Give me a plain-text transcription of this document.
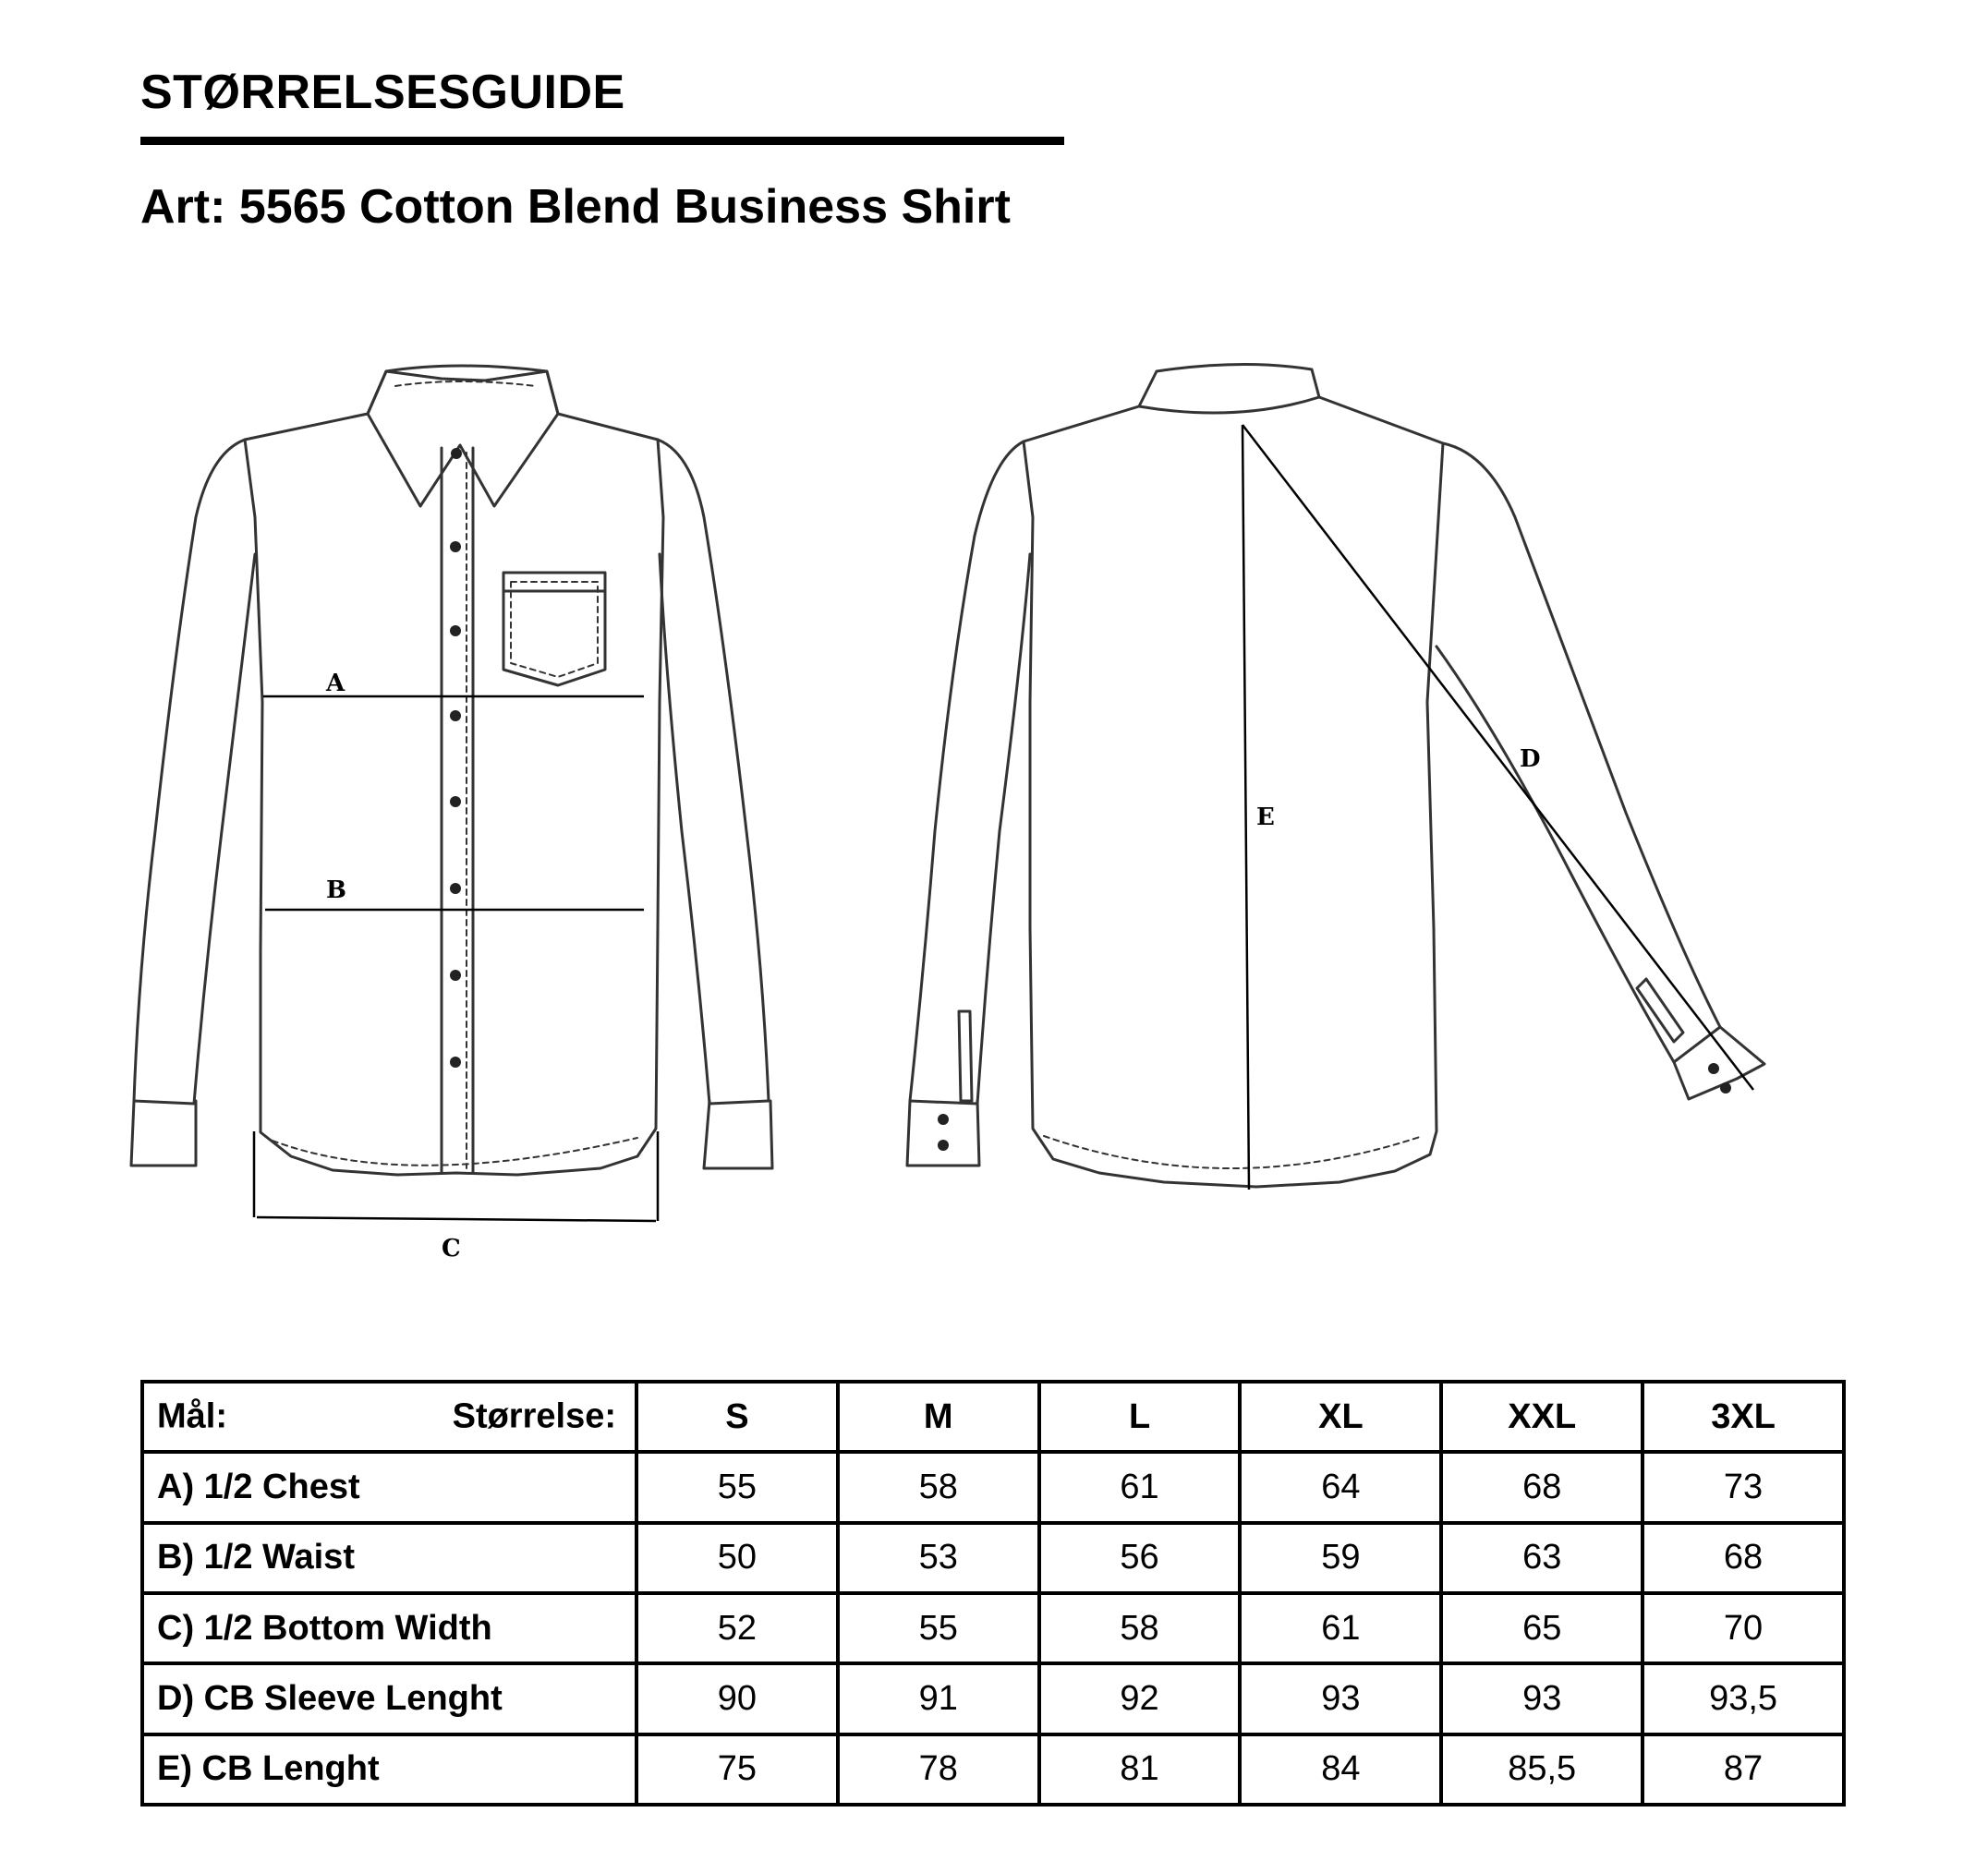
STØRRELSESGUIDE
Art: 5565 Cotton Blend Business Shirt
A
B
C
E
D
Mål: Størrelse:	S	M	L	XL	XXL	3XL
A) 1/2 Chest	55	58	61	64	68	73
B) 1/2 Waist	50	53	56	59	63	68
C) 1/2 Bottom Width	52	55	58	61	65	70
D) CB Sleeve Lenght	90	91	92	93	93	93,5
E) CB Lenght	75	78	81	84	85,5	87
